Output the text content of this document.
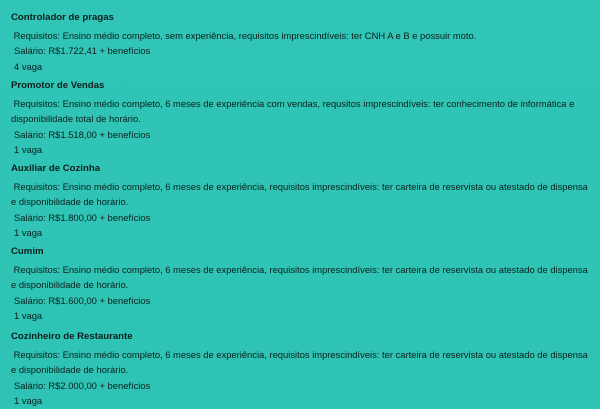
Controlador de pragas
Requisitos: Ensino médio completo, sem experiência, requisitos imprescindíveis: ter CNH A e B e possuir moto.
Salário: R$1.722,41 + benefícios
4 vaga
Promotor de Vendas
Requisitos: Ensino médio completo, 6 meses de experiência com vendas, requsitos imprescindíveis: ter conhecimento de informática e
disponibilidade total de horário.
Salário: R$1.518,00 + benefícios
1 vaga
Auxiliar de Cozinha
Requisitos: Ensino médio completo, 6 meses de experiência, requisitos imprescindíveis: ter carteira de reservista ou atestado de dispensa
e disponibilidade de horário.
Salário: R$1.800,00 + benefícios
1 vaga
Cumim
Requisitos: Ensino médio completo, 6 meses de experiência, requisitos imprescindíveis: ter carteira de reservista ou atestado de dispensa
e disponibilidade de horário.
Salário: R$1.600,00 + benefícios
1 vaga
Cozinheiro de Restaurante
Requisitos: Ensino médio completo, 6 meses de experiência, requisitos imprescindíveis: ter carteira de reservista ou atestado de dispensa
e disponibilidade de horário.
Salário: R$2.000,00 + benefícios
1 vaga
